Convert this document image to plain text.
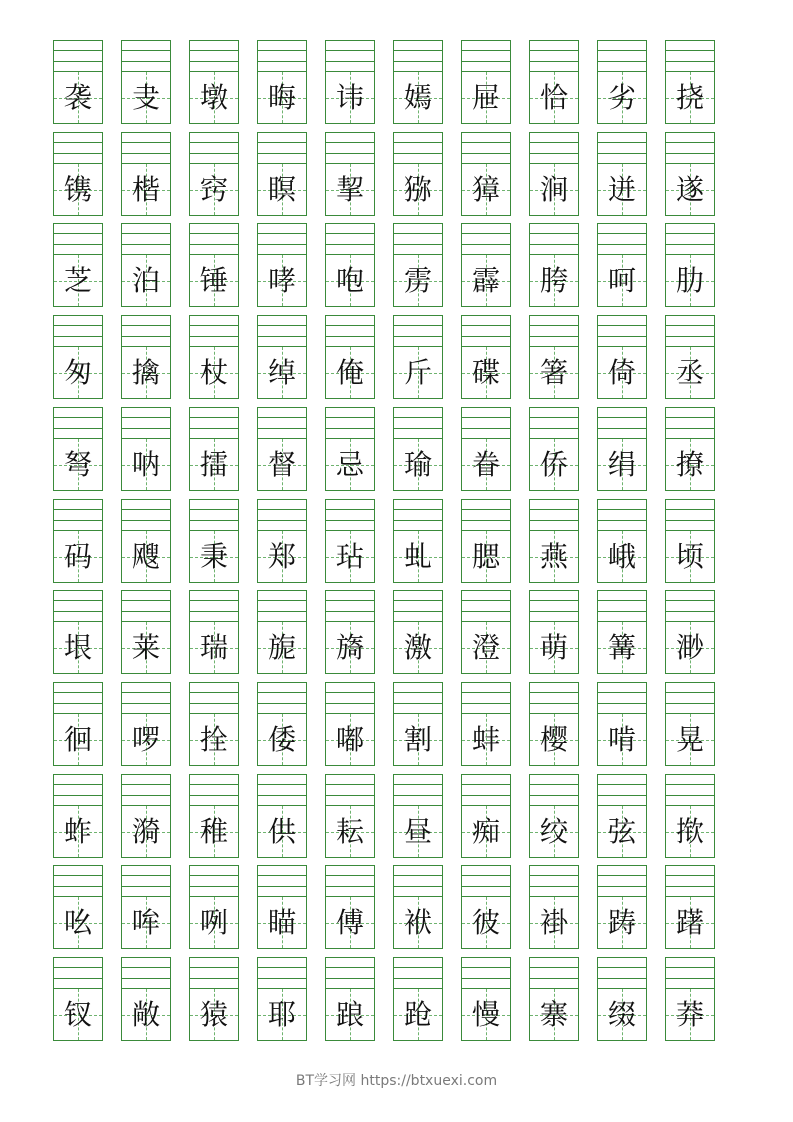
袭	叏	墩	晦	讳	嫣	屉	恰	劣	挠
镌	楷	窍	瞑	挈	猕	獐	涧	迸	遂
芝	泊	锤	哮	咆	雳	霹	胯	呵	肋
匆	擒	杖	绰	俺	斤	碟	箸	倚	丞
弩	呐	擂	督	忌	瑜	眷	侨	绢	撩
码	飕	秉	郑	玷	虬	腮	燕	峨	顷
垠	莱	瑞	旎	旖	激	澄	萌	篝	渺
徊	啰	拴	倭	嘟	割	蚌	樱	啃	晃
蚱	漪	稚	供	耘	昼	痴	绞	弦	揿
吆	哞	咧	瞄	傅	袱	彼	褂	踌	躇
钗	敞	猿	耶	踉	跄	慢	寨	缀	莽
BT学习网 https://btxuexi.com
